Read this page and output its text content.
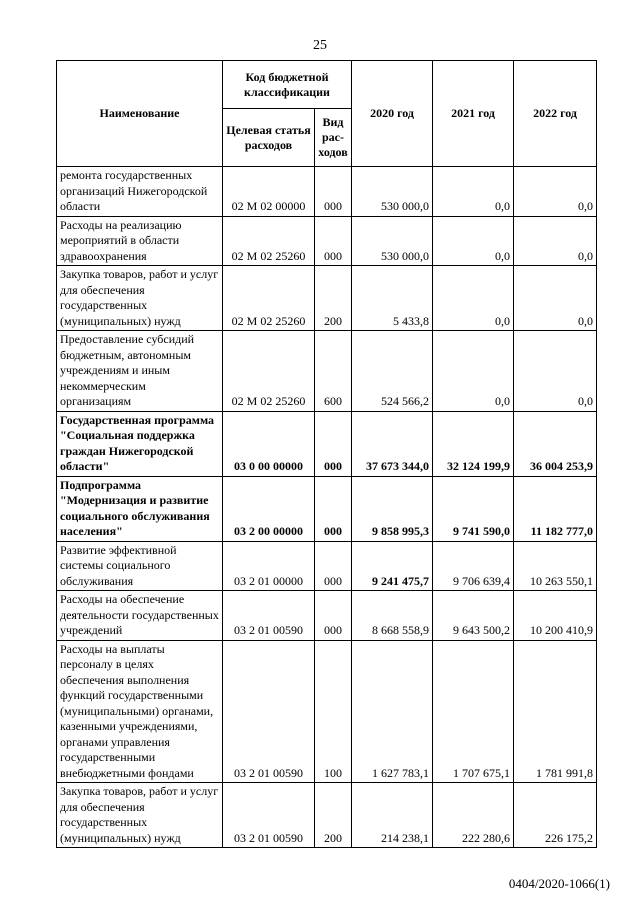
25
Наименование	Код бюджетной классификации		2020 год	2021 год	2022 год
	Целевая статья расходов	Вид рас-ходов			
ремонта государственных организаций Нижегородской области	02 М 02 00000	000	530 000,0	0,0	0,0
Расходы на реализацию мероприятий в области здравоохранения	02 М 02 25260	000	530 000,0	0,0	0,0
Закупка товаров, работ и услуг для обеспечения государственных (муниципальных) нужд	02 М 02 25260	200	5 433,8	0,0	0,0
Предоставление субсидий бюджетным, автономным учреждениям и иным некоммерческим организациям	02 М 02 25260	600	524 566,2	0,0	0,0
Государственная программа "Социальная поддержка граждан Нижегородской области"	03 0 00 00000	000	37 673 344,0	32 124 199,9	36 004 253,9
Подпрограмма "Модернизация и развитие социального обслуживания населения"	03 2 00 00000	000	9 858 995,3	9 741 590,0	11 182 777,0
Развитие эффективной системы социального обслуживания	03 2 01 00000	000	9 241 475,7	9 706 639,4	10 263 550,1
Расходы на обеспечение деятельности государственных учреждений	03 2 01 00590	000	8 668 558,9	9 643 500,2	10 200 410,9
Расходы на выплаты персоналу в целях обеспечения выполнения функций государственными (муниципальными) органами, казенными учреждениями, органами управления государственными внебюджетными фондами	03 2 01 00590	100	1 627 783,1	1 707 675,1	1 781 991,8
Закупка товаров, работ и услуг для обеспечения государственных (муниципальных) нужд	03 2 01 00590	200	214 238,1	222 280,6	226 175,2
0404/2020-1066(1)
